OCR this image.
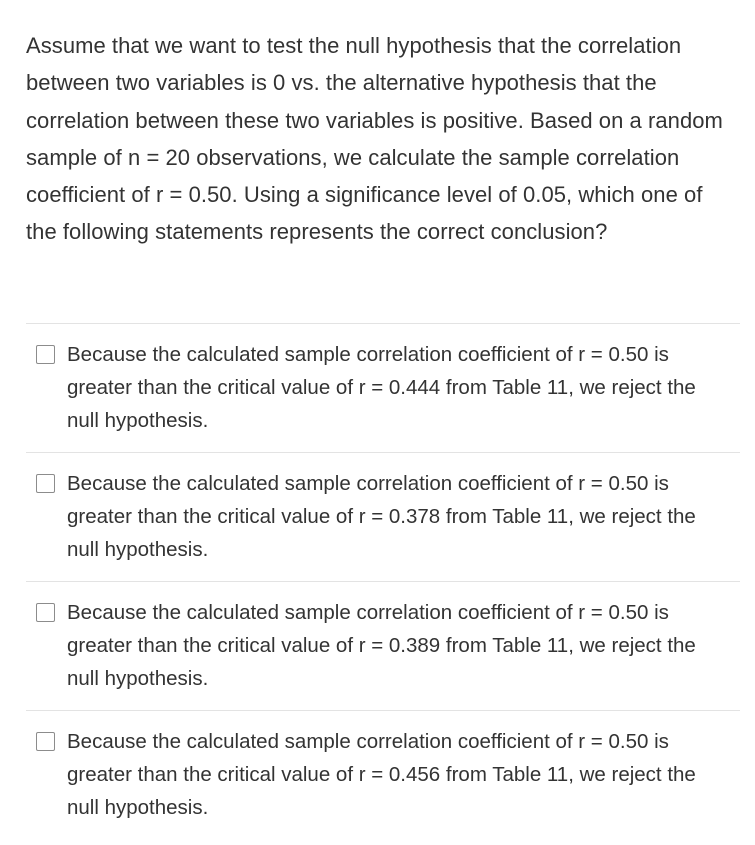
Assume that we want to test the null hypothesis that the correlation between two variables is 0 vs. the alternative hypothesis that the correlation between these two variables is positive. Based on a random sample of n = 20 observations, we calculate the sample correlation coefficient of r = 0.50. Using a significance level of 0.05, which one of the following statements represents the correct conclusion?

Because the calculated sample correlation coefficient of r = 0.50 is greater than the critical value of r = 0.444 from Table 11, we reject the null hypothesis.

Because the calculated sample correlation coefficient of r = 0.50 is greater than the critical value of r = 0.378 from Table 11, we reject the null hypothesis.

Because the calculated sample correlation coefficient of r = 0.50 is greater than the critical value of r = 0.389 from Table 11, we reject the null hypothesis.

Because the calculated sample correlation coefficient of r = 0.50 is greater than the critical value of r = 0.456 from Table 11, we reject the null hypothesis.
